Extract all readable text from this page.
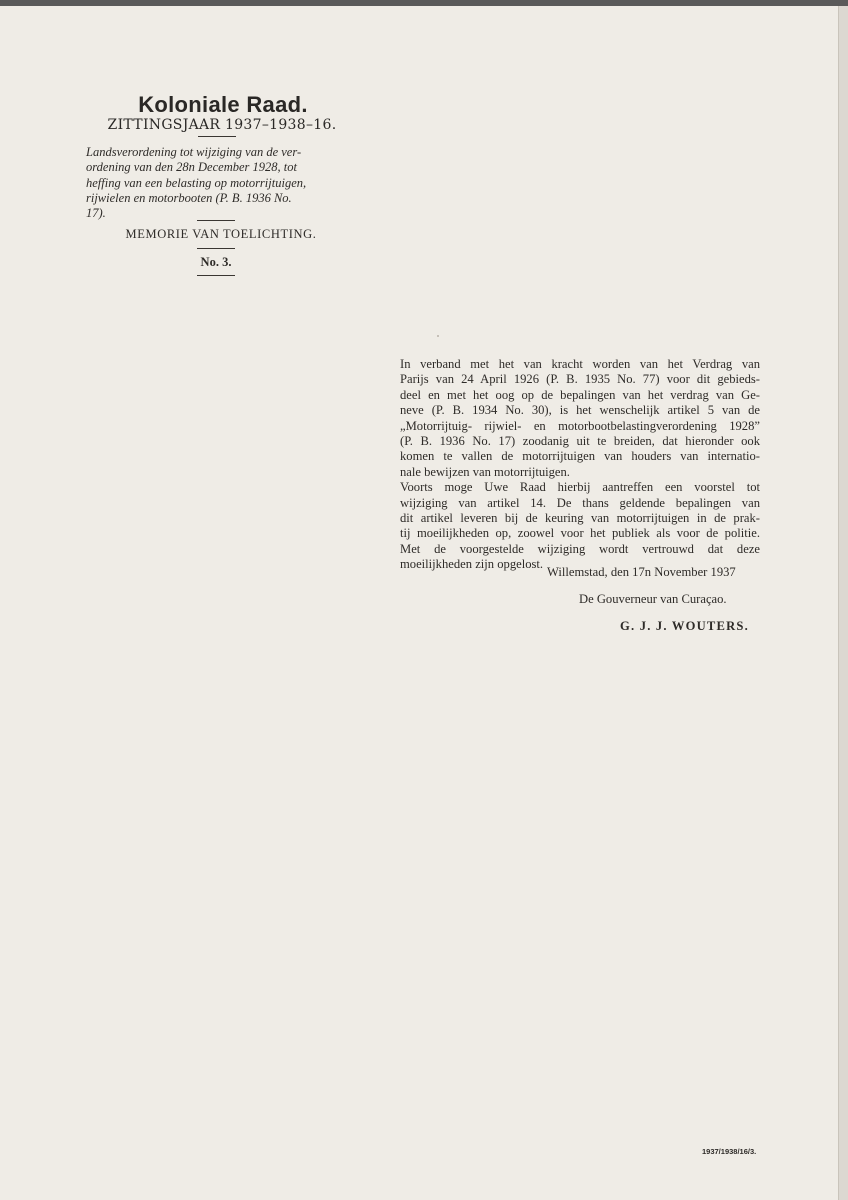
Koloniale Raad.
ZITTINGSJAAR 1937–1938–16.
Landsverordening tot wijziging van de ver-
ordening van den 28n December 1928, tot
heffing van een belasting op motorrijtuigen,
rijwielen en motorbooten (P. B. 1936 No.
17).
MEMORIE VAN TOELICHTING.
No. 3.
In verband met het van kracht worden van het Verdrag van
Parijs van 24 April 1926 (P. B. 1935 No. 77) voor dit gebieds-
deel en met het oog op de bepalingen van het verdrag van Ge-
neve (P. B. 1934 No. 30), is het wenschelijk artikel 5 van de
„Motorrijtuig- rijwiel- en motorbootbelastingverordening 1928”
(P. B. 1936 No. 17) zoodanig uit te breiden, dat hieronder ook
komen te vallen de motorrijtuigen van houders van internatio-
nale bewijzen van motorrijtuigen.
Voorts moge Uwe Raad hierbij aantreffen een voorstel tot
wijziging van artikel 14. De thans geldende bepalingen van
dit artikel leveren bij de keuring van motorrijtuigen in de prak-
tij moeilijkheden op, zoowel voor het publiek als voor de politie.
Met de voorgestelde wijziging wordt vertrouwd dat deze
moeilijkheden zijn opgelost.
Willemstad, den 17n November 1937
De Gouverneur van Curaçao.
G. J. J. WOUTERS.
1937/1938/16/3.
